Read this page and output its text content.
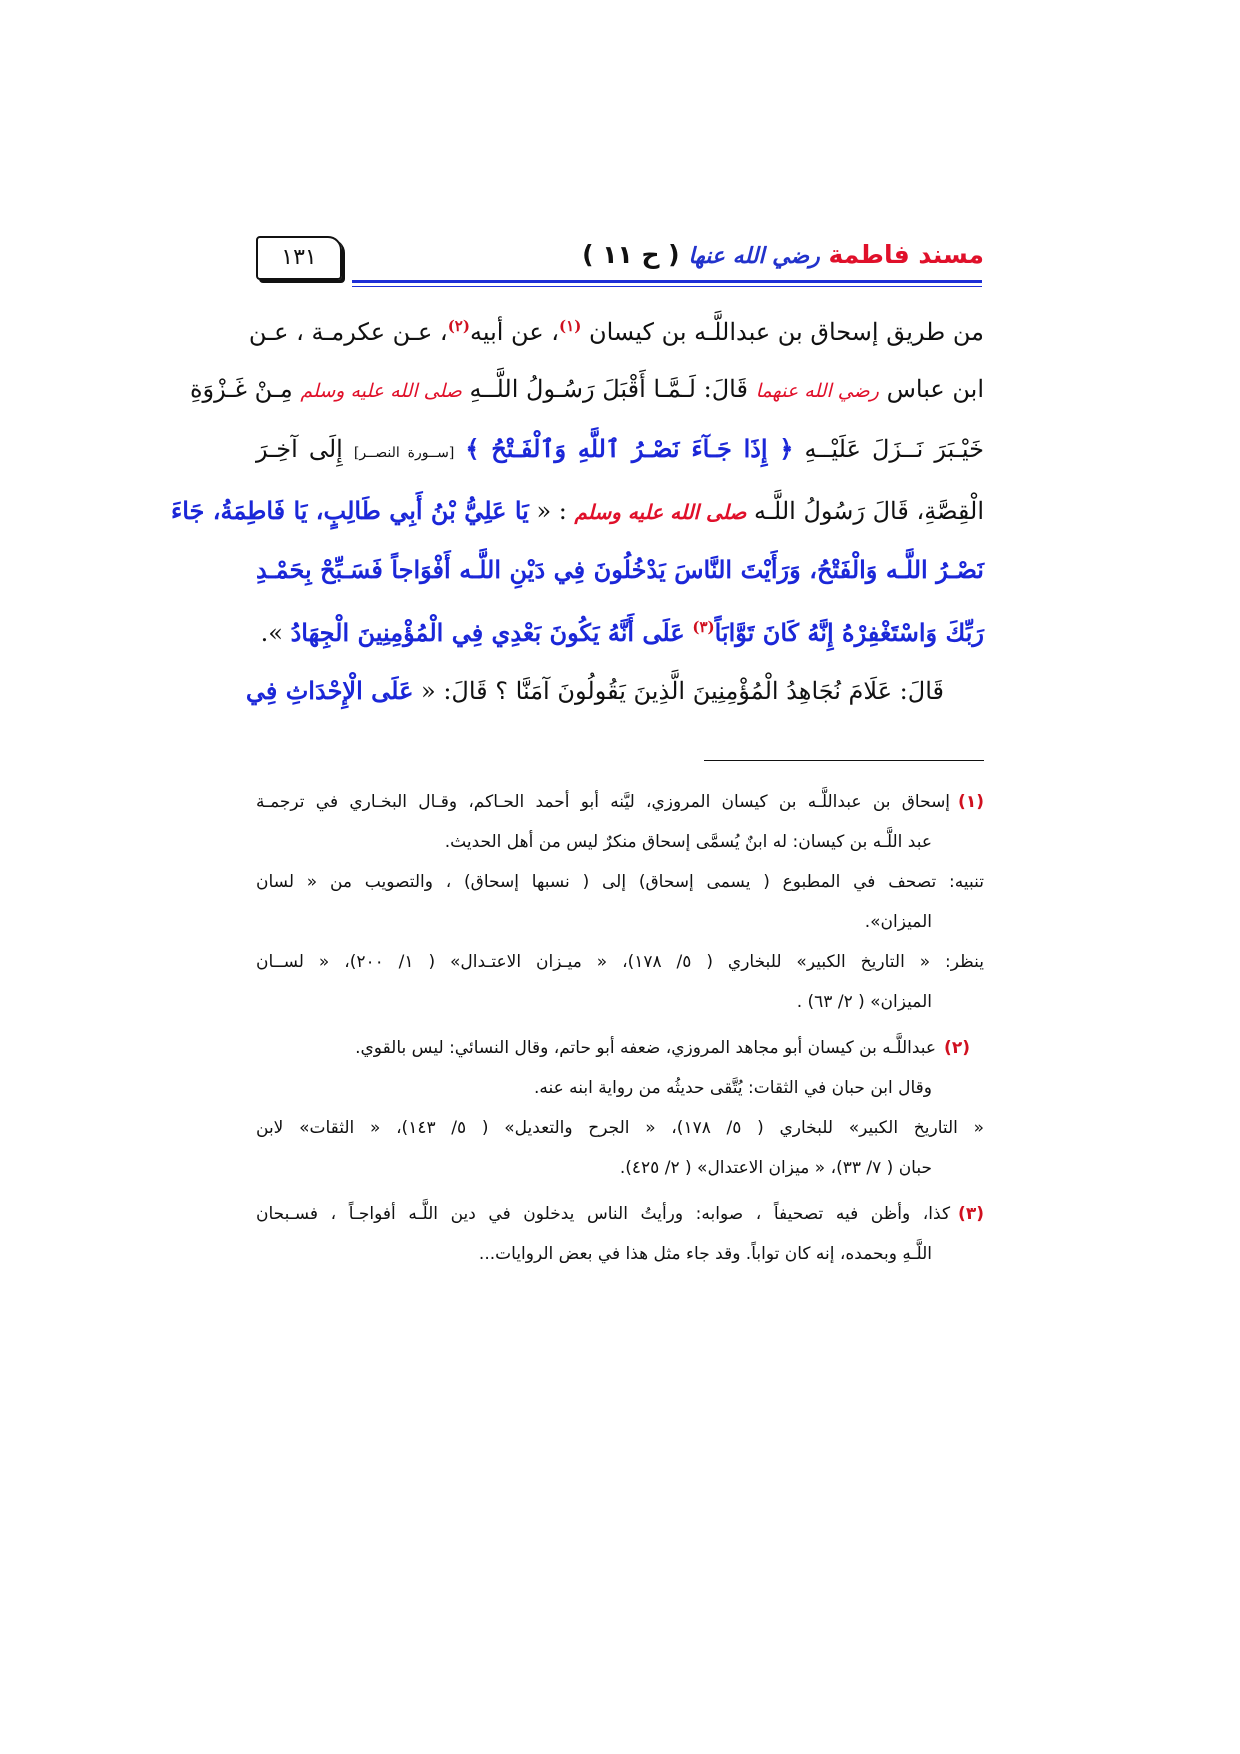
مسند فاطمة رضي الله عنها ( ح ١١ )
١٣١
من طريق إسحاق بن عبداللَّـه بن كيسان $^{(١)}$، عن أبيه$^{(٢)}$، عـن عكرمـة ، عـن
ابن عباس رضي الله عنهما قَالَ: لَـمَّـا أَقْبَلَ رَسُـولُ اللَّــهِ صلى الله عليه وسلم مِـنْ غَـزْوَةِ
خَيْـبَرَ نَــزَلَ عَلَيْــهِ ﴿ إِذَا جَـآءَ نَصْـرُ ٱللَّهِ وَٱلْفَـتْحُ ﴾ [ســورة النصــر] إِلَى آخِـرَ
الْقِصَّةِ، قَالَ رَسُولُ اللَّـه صلى الله عليه وسلم : « يَا عَلِيُّ بْنُ أَبِي طَالِبٍ، يَا فَاطِمَةُ، جَاءَ
نَصْـرُ اللَّـه وَالْفَتْحُ، وَرَأَيْتَ النَّاسَ يَدْخُلُونَ فِي دَيْنِ اللَّـه أَفْوَاجاً فَسَـبِّحْ بِحَمْـدِ
رَبِّكَ وَاسْتَغْفِرْهُ إِنَّهُ كَانَ تَوَّابَاً$^{(٣)}$ عَلَى أَنَّهُ يَكُونَ بَعْدِي فِي الْمُؤْمِنِينَ الْجِهَادُ ».
قَالَ: عَلَامَ نُجَاهِدُ الْمُؤْمِنِينَ الَّذِينَ يَقُولُونَ آمَنَّا ؟ قَالَ: « عَلَى الْإِحْدَاثِ فِي
(١)إسحاق بن عبداللَّـه بن كيسان المروزي، ليَّنه أبو أحمد الحـاكم، وقـال البخـاري في ترجمـة
عبد اللَّـه بن كيسان: له ابنٌ يُسمَّى إسحاق منكرٌ ليس من أهل الحديث.
تنبيه: تصحف في المطبوع ( يسمى إسحاق) إلى ( نسبها إسحاق) ، والتصويب من « لسان
الميزان».
ينظر: « التاريخ الكبير» للبخاري ( ٥/ ١٧٨)، « ميـزان الاعتـدال» ( ١/ ٢٠٠)، « لســان
الميزان» ( ٢/ ٦٣) .
(٢)عبداللَّـه بن كيسان أبو مجاهد المروزي، ضعفه أبو حاتم، وقال النسائي: ليس بالقوي.
وقال ابن حبان في الثقات: يُتَّقى حديثُه من رواية ابنه عنه.
« التاريخ الكبير» للبخاري ( ٥/ ١٧٨)، « الجرح والتعديل» ( ٥/ ١٤٣)، « الثقات» لابن
حبان ( ٧/ ٣٣)، « ميزان الاعتدال» ( ٢/ ٤٢٥).
(٣)كذا، وأظن فيه تصحيفاً ، صوابه: ورأيتُ الناس يدخلون في دين اللَّـه أفواجـاً ، فسـبحان
اللَّـهِ وبحمده، إنه كان تواباً. وقد جاء مثل هذا في بعض الروايات...
